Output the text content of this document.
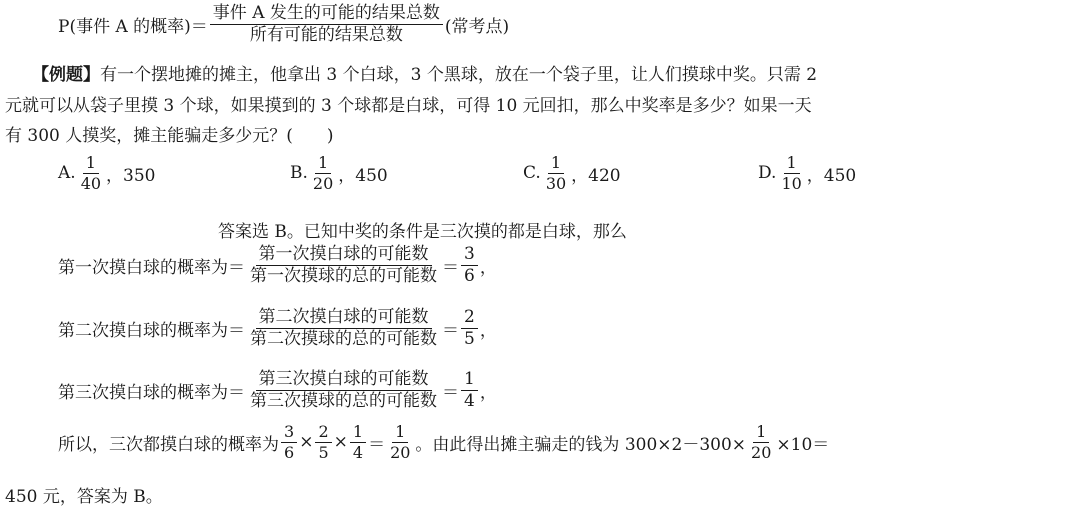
P(事件 A 的概率)＝ $\frac{\text{事件 A 发生的可能的结果总数}}{\text{所有可能的结果总数}}$ (常考点)
【例题】 有一个摆地摊的摊主，他拿出 3 个白球，3 个黑球，放在一个袋子里，让人们摸球中奖。只需 2
元就可以从袋子里摸 3 个球，如果摸到的 3 个球都是白球，可得 10 元回扣，那么中奖率是多少？如果一天
有 300 人摸奖，摊主能骗走多少元？(　　)
A. $\frac{1}{40}$ ，350	B. $\frac{1}{20}$ ，450	C. $\frac{1}{30}$ ，420	D. $\frac{1}{10}$ ，450
答案选 B。已知中奖的条件是三次摸的都是白球，那么
第一次摸白球的概率为＝ $\frac{\text{第一次摸白球的可能数}}{\text{第一次摸球的总的可能数}} = \frac{3}{6}$ ，
第二次摸白球的概率为＝ $\frac{\text{第二次摸白球的可能数}}{\text{第二次摸球的总的可能数}} = \frac{2}{5}$ ，
第三次摸白球的概率为＝ $\frac{\text{第三次摸白球的可能数}}{\text{第三次摸球的总的可能数}} = \frac{1}{4}$ ，
所以，三次都摸白球的概率为 $\frac{3}{6} \times \frac{2}{5} \times \frac{1}{4} = \frac{1}{20}$ 。由此得出摊主骗走的钱为 $300\times 2-300\times \frac{1}{20} \times 10=$
450 元，答案为 B。
